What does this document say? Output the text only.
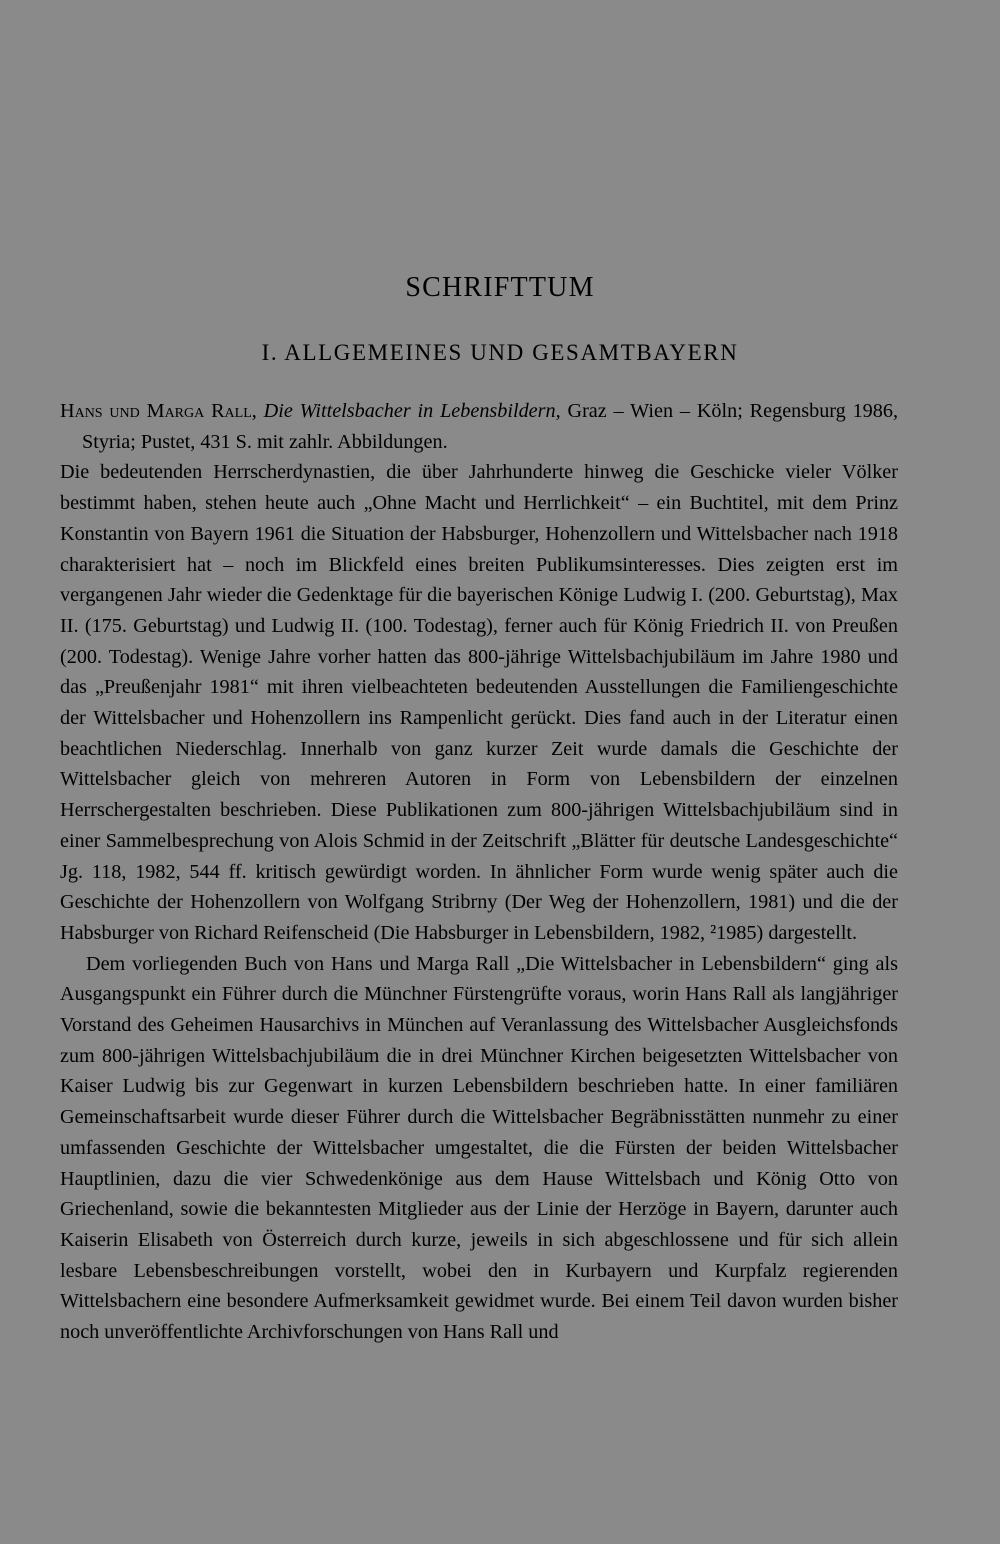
SCHRIFTTUM
I. ALLGEMEINES UND GESAMTBAYERN

Hans und Marga Rall, Die Wittelsbacher in Lebensbildern, Graz – Wien – Köln; Regensburg 1986, Styria; Pustet, 431 S. mit zahlr. Abbildungen.

Die bedeutenden Herrscherdynastien, die über Jahrhunderte hinweg die Geschicke vieler Völker bestimmt haben, stehen heute auch „Ohne Macht und Herrlichkeit“ – ein Buchtitel, mit dem Prinz Konstantin von Bayern 1961 die Situation der Habsburger, Hohenzollern und Wittelsbacher nach 1918 charakterisiert hat – noch im Blickfeld eines breiten Publikumsinteresses. Dies zeigten erst im vergangenen Jahr wieder die Gedenktage für die bayerischen Könige Ludwig I. (200. Geburtstag), Max II. (175. Geburtstag) und Ludwig II. (100. Todestag), ferner auch für König Friedrich II. von Preußen (200. Todestag). Wenige Jahre vorher hatten das 800-jährige Wittelsbachjubiläum im Jahre 1980 und das „Preußenjahr 1981“ mit ihren vielbeachteten bedeutenden Ausstellungen die Familiengeschichte der Wittelsbacher und Hohenzollern ins Rampenlicht gerückt. Dies fand auch in der Literatur einen beachtlichen Niederschlag. Innerhalb von ganz kurzer Zeit wurde damals die Geschichte der Wittelsbacher gleich von mehreren Autoren in Form von Lebensbildern der einzelnen Herrschergestalten beschrieben. Diese Publikationen zum 800-jährigen Wittelsbachjubiläum sind in einer Sammelbesprechung von Alois Schmid in der Zeitschrift „Blätter für deutsche Landesgeschichte“ Jg. 118, 1982, 544 ff. kritisch gewürdigt worden. In ähnlicher Form wurde wenig später auch die Geschichte der Hohenzollern von Wolfgang Stribrny (Der Weg der Hohenzollern, 1981) und die der Habsburger von Richard Reifenscheid (Die Habsburger in Lebensbildern, 1982, ²1985) dargestellt.

Dem vorliegenden Buch von Hans und Marga Rall „Die Wittelsbacher in Lebensbildern“ ging als Ausgangspunkt ein Führer durch die Münchner Fürstengrüfte voraus, worin Hans Rall als langjähriger Vorstand des Geheimen Hausarchivs in München auf Veranlassung des Wittelsbacher Ausgleichsfonds zum 800-jährigen Wittelsbachjubiläum die in drei Münchner Kirchen beigesetzten Wittelsbacher von Kaiser Ludwig bis zur Gegenwart in kurzen Lebensbildern beschrieben hatte. In einer familiären Gemeinschaftsarbeit wurde dieser Führer durch die Wittelsbacher Begräbnisstätten nunmehr zu einer umfassenden Geschichte der Wittelsbacher umgestaltet, die die Fürsten der beiden Wittelsbacher Hauptlinien, dazu die vier Schwedenkönige aus dem Hause Wittelsbach und König Otto von Griechenland, sowie die bekanntesten Mitglieder aus der Linie der Herzöge in Bayern, darunter auch Kaiserin Elisabeth von Österreich durch kurze, jeweils in sich abgeschlossene und für sich allein lesbare Lebensbeschreibungen vorstellt, wobei den in Kurbayern und Kurpfalz regierenden Wittelsbachern eine besondere Aufmerksamkeit gewidmet wurde. Bei einem Teil davon wurden bisher noch unveröffentlichte Archivforschungen von Hans Rall und
